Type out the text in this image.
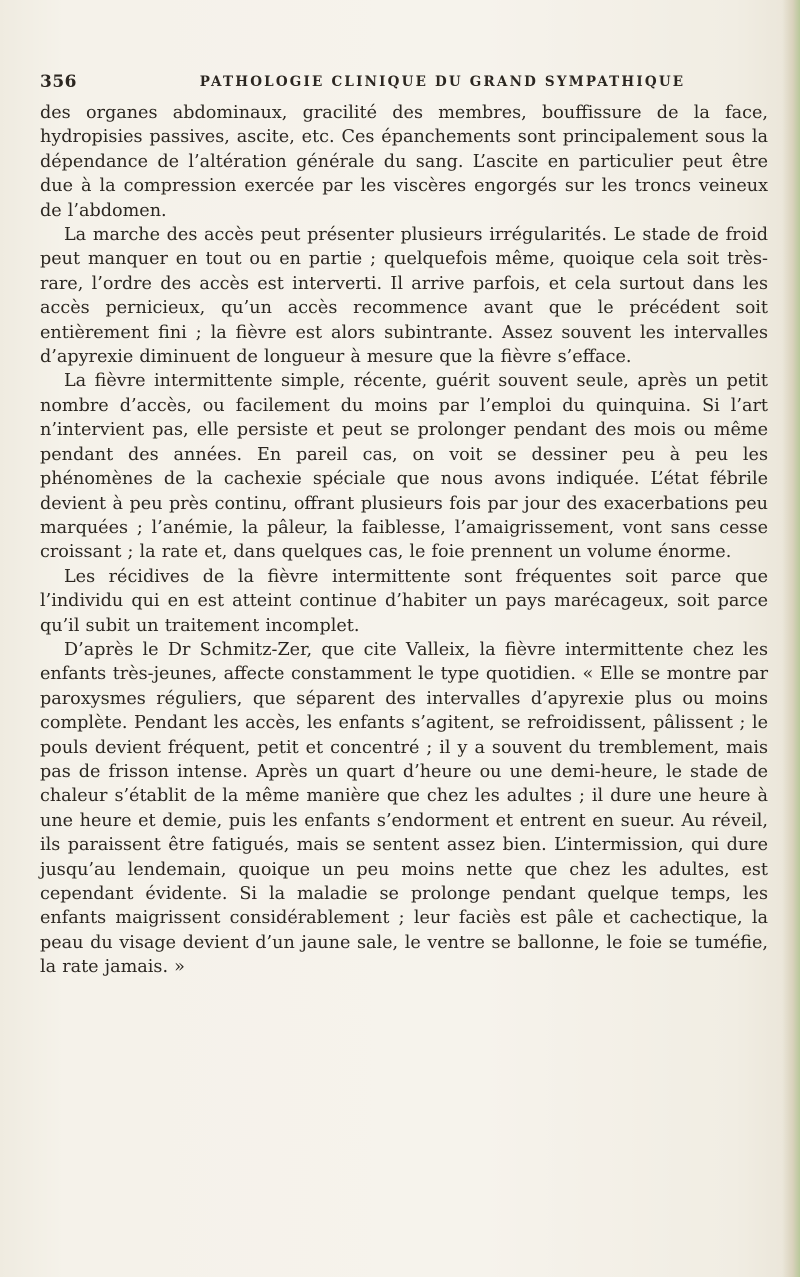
356	PATHOLOGIE CLINIQUE DU GRAND SYMPATHIQUE

des organes abdominaux, gracilité des membres, bouffissure de la face, hydropisies passives, ascite, etc. Ces épanchements sont principalement sous la dépendance de l’altération générale du sang. L’ascite en particulier peut être due à la compression exercée par les viscères engorgés sur les troncs veineux de l’abdomen.

La marche des accès peut présenter plusieurs irrégularités. Le stade de froid peut manquer en tout ou en partie ; quelquefois même, quoique cela soit très-rare, l’ordre des accès est interverti. Il arrive parfois, et cela surtout dans les accès pernicieux, qu’un accès recommence avant que le précédent soit entièrement fini ; la fièvre est alors subintrante. Assez souvent les intervalles d’apyrexie diminuent de longueur à mesure que la fièvre s’efface.

La fièvre intermittente simple, récente, guérit souvent seule, après un petit nombre d’accès, ou facilement du moins par l’emploi du quinquina. Si l’art n’intervient pas, elle persiste et peut se prolonger pendant des mois ou même pendant des années. En pareil cas, on voit se dessiner peu à peu les phénomènes de la cachexie spéciale que nous avons indiquée. L’état fébrile devient à peu près continu, offrant plusieurs fois par jour des exacerbations peu marquées ; l’anémie, la pâleur, la faiblesse, l’amaigrissement, vont sans cesse croissant ; la rate et, dans quelques cas, le foie prennent un volume énorme.

Les récidives de la fièvre intermittente sont fréquentes soit parce que l’individu qui en est atteint continue d’habiter un pays marécageux, soit parce qu’il subit un traitement incomplet.

D’après le Dr Schmitz-Zer, que cite Valleix, la fièvre intermittente chez les enfants très-jeunes, affecte constamment le type quotidien. « Elle se montre par paroxysmes réguliers, que séparent des intervalles d’apyrexie plus ou moins complète. Pendant les accès, les enfants s’agitent, se refroidissent, pâlissent ; le pouls devient fréquent, petit et concentré ; il y a souvent du tremblement, mais pas de frisson intense. Après un quart d’heure ou une demi-heure, le stade de chaleur s’établit de la même manière que chez les adultes ; il dure une heure à une heure et demie, puis les enfants s’endorment et entrent en sueur. Au réveil, ils paraissent être fatigués, mais se sentent assez bien. L’intermission, qui dure jusqu’au lendemain, quoique un peu moins nette que chez les adultes, est cependant évidente. Si la maladie se prolonge pendant quelque temps, les enfants maigrissent considérablement ; leur faciès est pâle et cachectique, la peau du visage devient d’un jaune sale, le ventre se ballonne, le foie se tuméfie, la rate jamais. »
